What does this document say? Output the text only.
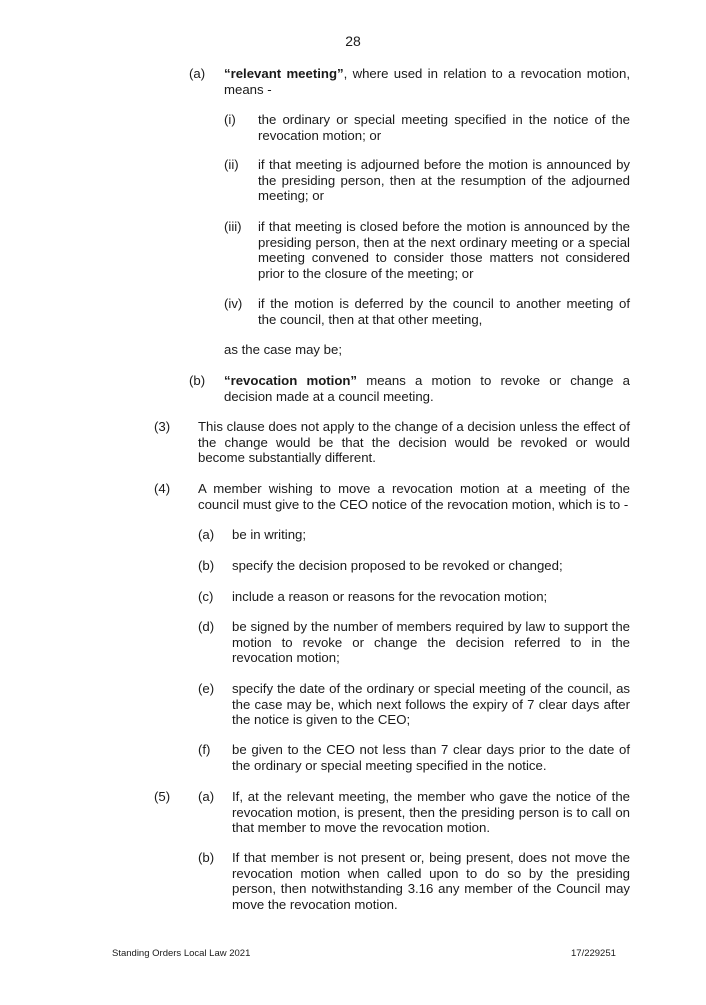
28
(a) “relevant meeting”, where used in relation to a revocation motion, means -
(i) the ordinary or special meeting specified in the notice of the revocation motion; or
(ii) if that meeting is adjourned before the motion is announced by the presiding person, then at the resumption of the adjourned meeting; or
(iii) if that meeting is closed before the motion is announced by the presiding person, then at the next ordinary meeting or a special meeting convened to consider those matters not considered prior to the closure of the meeting; or
(iv) if the motion is deferred by the council to another meeting of the council, then at that other meeting,
as the case may be;
(b) “revocation motion” means a motion to revoke or change a decision made at a council meeting.
(3) This clause does not apply to the change of a decision unless the effect of the change would be that the decision would be revoked or would become substantially different.
(4) A member wishing to move a revocation motion at a meeting of the council must give to the CEO notice of the revocation motion, which is to -
(a) be in writing;
(b) specify the decision proposed to be revoked or changed;
(c) include a reason or reasons for the revocation motion;
(d) be signed by the number of members required by law to support the motion to revoke or change the decision referred to in the revocation motion;
(e) specify the date of the ordinary or special meeting of the council, as the case may be, which next follows the expiry of 7 clear days after the notice is given to the CEO;
(f) be given to the CEO not less than 7 clear days prior to the date of the ordinary or special meeting specified in the notice.
(5) (a) If, at the relevant meeting, the member who gave the notice of the revocation motion, is present, then the presiding person is to call on that member to move the revocation motion.
(b) If that member is not present or, being present, does not move the revocation motion when called upon to do so by the presiding person, then notwithstanding 3.16 any member of the Council may move the revocation motion.
Standing Orders Local Law 2021	17/229251
